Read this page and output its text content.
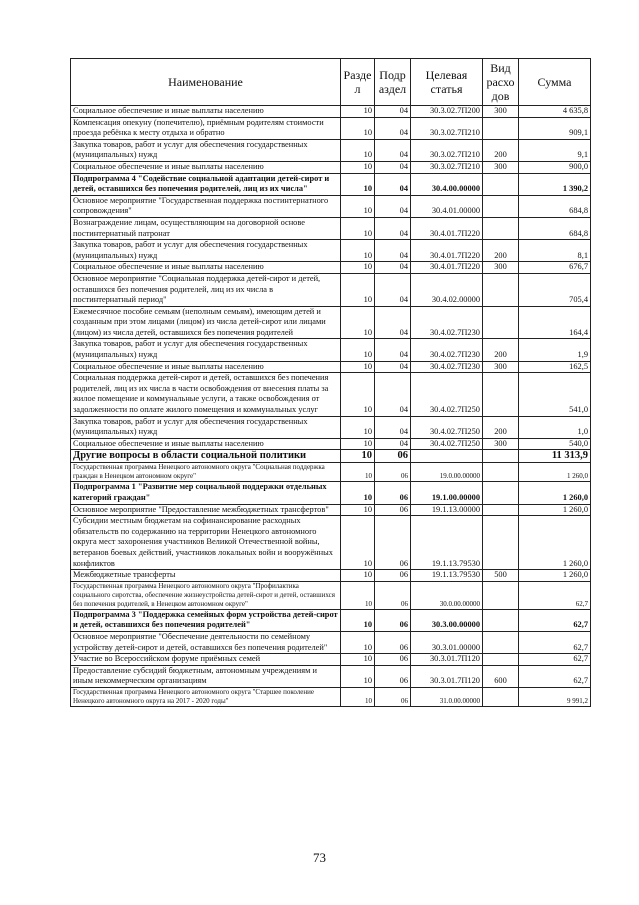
Наименование	Разде л	Подр аздел	Целевая статья	Вид расхо дов	Сумма
Социальное обеспечение и иные выплаты населению	10	04	30.3.02.7П200	300	4 635,8
Компенсация опекуну (попечителю), приёмным родителям стоимости проезда ребёнка к месту отдыха и обратно	10	04	30.3.02.7П210		909,1
Закупка товаров, работ и услуг для обеспечения государственных (муниципальных) нужд	10	04	30.3.02.7П210	200	9,1
Социальное обеспечение и иные выплаты населению	10	04	30.3.02.7П210	300	900,0
Подпрограмма 4 "Содействие социальной адаптации детей-сирот и детей, оставшихся без попечения родителей, лиц из их числа"	10	04	30.4.00.00000		1 390,2
Основное мероприятие "Государственная поддержка постинтернатного сопровождения"	10	04	30.4.01.00000		684,8
Вознаграждение лицам, осуществляющим на договорной основе постинтернатный патронат	10	04	30.4.01.7П220		684,8
Закупка товаров, работ и услуг для обеспечения государственных (муниципальных) нужд	10	04	30.4.01.7П220	200	8,1
Социальное обеспечение и иные выплаты населению	10	04	30.4.01.7П220	300	676,7
Основное мероприятие "Социальная поддержка детей-сирот и детей, оставшихся без попечения родителей, лиц из их числа в постинтернатный период"	10	04	30.4.02.00000		705,4
Ежемесячное пособие семьям (неполным семьям), имеющим детей и созданным при этом лицами (лицом) из числа детей-сирот или лицами (лицом) из числа детей, оставшихся без попечения родителей	10	04	30.4.02.7П230		164,4
Закупка товаров, работ и услуг для обеспечения государственных (муниципальных) нужд	10	04	30.4.02.7П230	200	1,9
Социальное обеспечение и иные выплаты населению	10	04	30.4.02.7П230	300	162,5
Социальная поддержка детей-сирот и детей, оставшихся без попечения родителей, лиц из их числа в части освобождения от внесения платы за жилое помещение и коммунальные услуги, а также освобождения от задолженности по оплате жилого помещения и коммунальных услуг	10	04	30.4.02.7П250		541,0
Закупка товаров, работ и услуг для обеспечения государственных (муниципальных) нужд	10	04	30.4.02.7П250	200	1,0
Социальное обеспечение и иные выплаты населению	10	04	30.4.02.7П250	300	540,0
Другие вопросы в области социальной политики	10	06			11 313,9
Государственная программа Ненецкого автономного округа "Социальная поддержка граждан в Ненецком автономном округе"	10	06	19.0.00.00000		1 260,0
Подпрограмма 1 "Развитие мер социальной поддержки отдельных категорий граждан"	10	06	19.1.00.00000		1 260,0
Основное мероприятие "Предоставление межбюджетных трансфертов"	10	06	19.1.13.00000		1 260,0
Субсидии местным бюджетам на софинансирование расходных обязательств по содержанию на территории Ненецкого автономного округа мест захоронения участников Великой Отечественной войны, ветеранов боевых действий, участников локальных войн и вооружённых конфликтов	10	06	19.1.13.79530		1 260,0
Межбюджетные трансферты	10	06	19.1.13.79530	500	1 260,0
Государственная программа Ненецкого автономного округа "Профилактика социального сиротства, обеспечение жизнеустройства детей-сирот и детей, оставшихся без попечения родителей, в Ненецком автономном округе"	10	06	30.0.00.00000		62,7
Подпрограмма 3 "Поддержка семейных форм устройства детей-сирот и детей, оставшихся без попечения родителей"	10	06	30.3.00.00000		62,7
Основное мероприятие "Обеспечение деятельности по семейному устройству детей-сирот и детей, оставшихся без попечения родителей"	10	06	30.3.01.00000		62,7
Участие во Всероссийском форуме приёмных семей	10	06	30.3.01.7П120		62,7
Предоставление субсидий бюджетным, автономным учреждениям и иным некоммерческим организациям	10	06	30.3.01.7П120	600	62,7
Государственная программа Ненецкого автономного округа "Старшее поколение Ненецкого автономного округа на 2017 - 2020 годы"	10	06	31.0.00.00000		9 991,2
73
